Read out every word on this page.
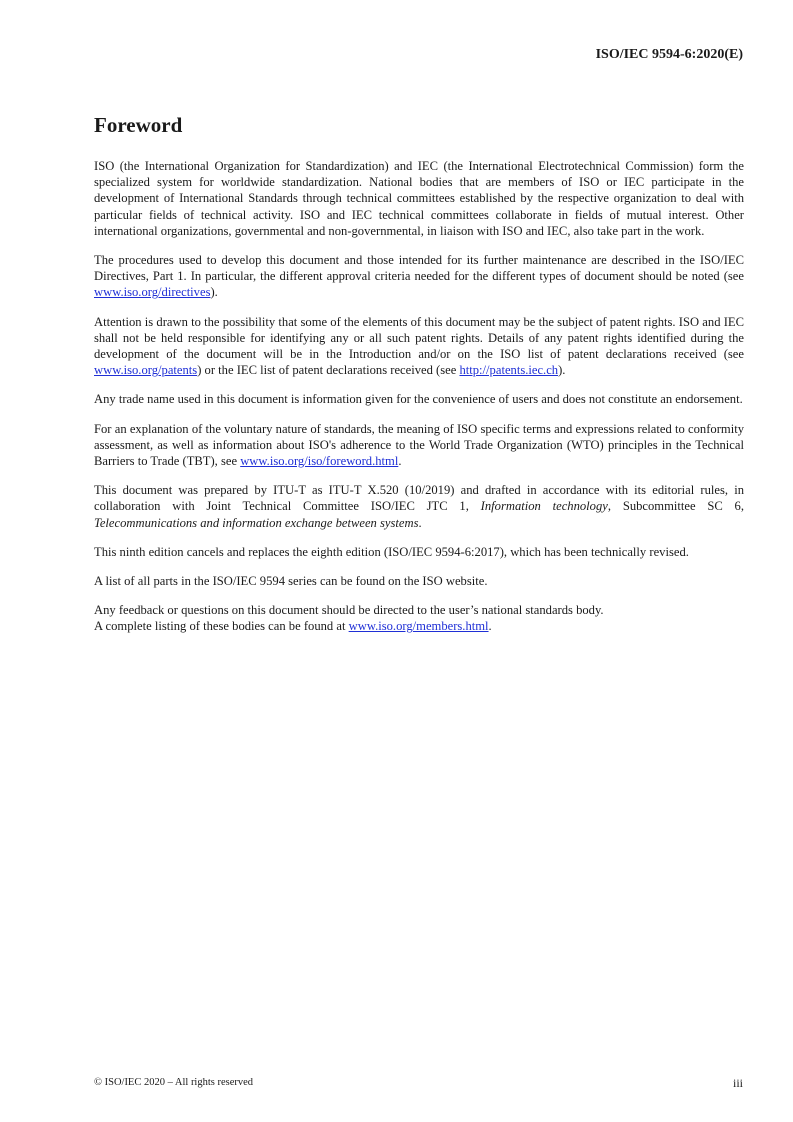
ISO/IEC 9594-6:2020(E)
Foreword

ISO (the International Organization for Standardization) and IEC (the International Electrotechnical Commission) form the specialized system for worldwide standardization. National bodies that are members of ISO or IEC participate in the development of International Standards through technical committees established by the respective organization to deal with particular fields of technical activity. ISO and IEC technical committees collaborate in fields of mutual interest. Other international organizations, governmental and non-governmental, in liaison with ISO and IEC, also take part in the work.

The procedures used to develop this document and those intended for its further maintenance are described in the ISO/IEC Directives, Part 1. In particular, the different approval criteria needed for the different types of document should be noted (see www.iso.org/directives).

Attention is drawn to the possibility that some of the elements of this document may be the subject of patent rights. ISO and IEC shall not be held responsible for identifying any or all such patent rights. Details of any patent rights identified during the development of the document will be in the Introduction and/or on the ISO list of patent declarations received (see www.iso.org/patents) or the IEC list of patent declarations received (see http://patents.iec.ch).

Any trade name used in this document is information given for the convenience of users and does not constitute an endorsement.

For an explanation of the voluntary nature of standards, the meaning of ISO specific terms and expressions related to conformity assessment, as well as information about ISO's adherence to the World Trade Organization (WTO) principles in the Technical Barriers to Trade (TBT), see www.iso.org/iso/foreword.html.

This document was prepared by ITU-T as ITU-T X.520 (10/2019) and drafted in accordance with its editorial rules, in collaboration with Joint Technical Committee ISO/IEC JTC 1, Information technology, Subcommittee SC 6, Telecommunications and information exchange between systems.

This ninth edition cancels and replaces the eighth edition (ISO/IEC 9594-6:2017), which has been technically revised.

A list of all parts in the ISO/IEC 9594 series can be found on the ISO website.

Any feedback or questions on this document should be directed to the user’s national standards body.
A complete listing of these bodies can be found at www.iso.org/members.html.

© ISO/IEC 2020 – All rights reserved	iii
